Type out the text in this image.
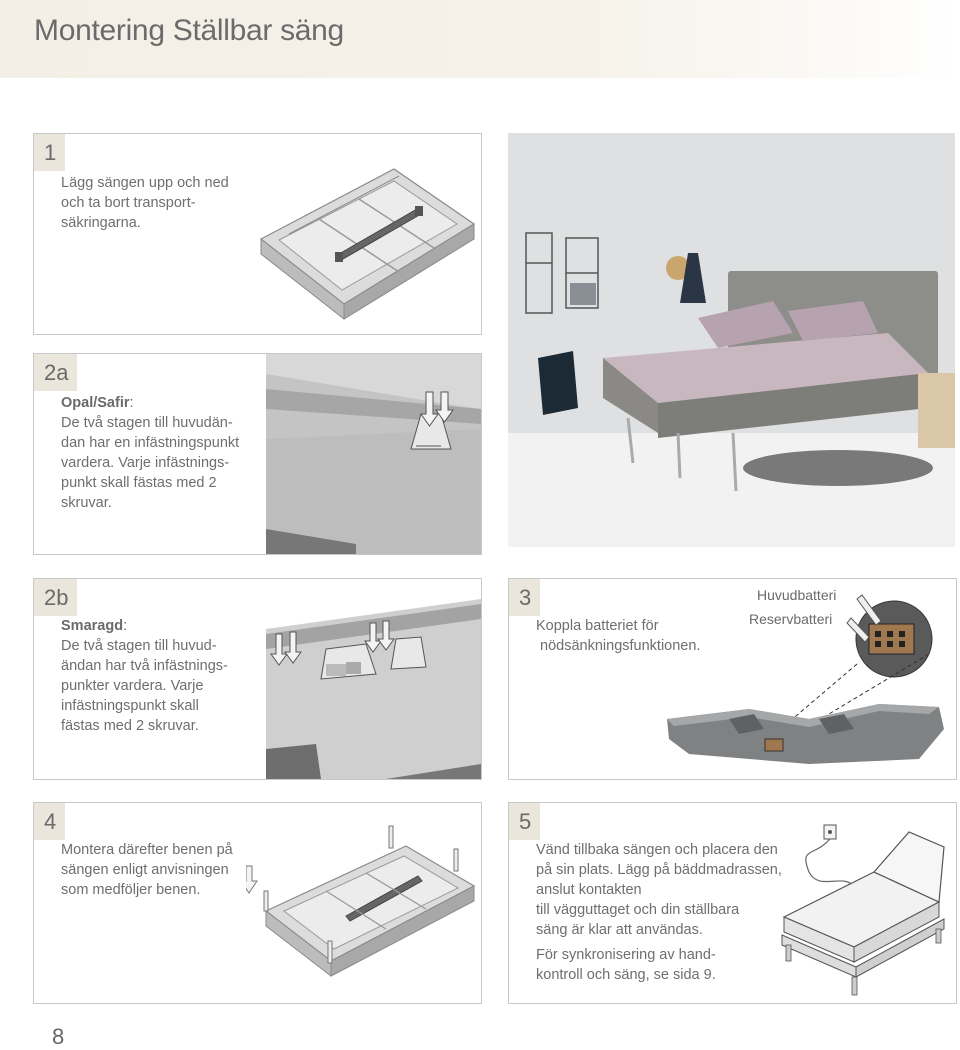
Montering Ställbar säng
1
Lägg sängen upp och ned
och ta bort transport-
säkringarna.
2a
Opal/Safir:
De två stagen till huvudän-
dan har en infästningspunkt
vardera. Varje infästnings-
punkt skall fästas med 2
skruvar.
2b
Smaragd:
De två stagen till huvud-
ändan har två infästnings-
punkter vardera. Varje
infästningspunkt skall
fästas med 2 skruvar.
3
Koppla batteriet för
nödsänkningsfunktionen.
Huvudbatteri
Reservbatteri
4
Montera därefter benen på
sängen enligt anvisningen
som medföljer benen.
5
Vänd tillbaka sängen och placera den
på sin plats. Lägg på bäddmadrassen,
anslut kontakten
till vägguttaget och din ställbara
säng är klar att användas.
För synkronisering av hand-
kontroll och säng, se sida 9.
8
